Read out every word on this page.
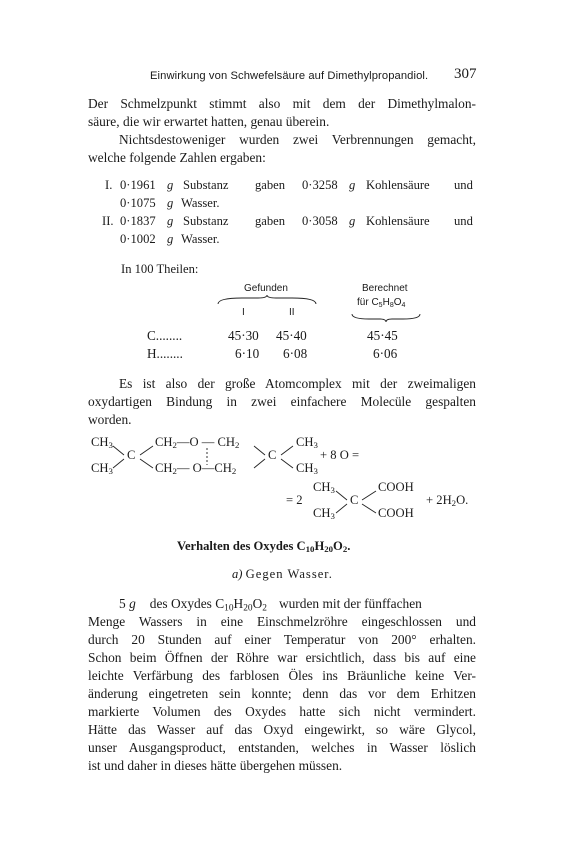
Einwirkung von Schwefelsäure auf Dimethylpropandiol. 307
Der Schmelzpunkt stimmt also mit dem der Dimethylmalon-
säure, die wir erwartet hatten, genau überein.
Nichtsdestoweniger wurden zwei Verbrennungen gemacht,
welche folgende Zahlen ergaben:
I. 0·1961 g Substanz gaben 0·3258 g Kohlensäure und
0·1075 g Wasser.
II. 0·1837 g Substanz gaben 0·3058 g Kohlensäure und
0·1002 g Wasser.
In 100 Theilen:
Gefunden
I	II
Berechnet
für $C_5H_8O_4$
C........	45·30 45·40	45·45
H........	6·10 6·08	6·06
Es ist also der große Atomcomplex mit der zweimaligen
oxydartigen Bindung in zwei einfachere Molecüle gespalten
worden.
$CH_3$
$CH_3$
C
$CH_2—O$ — $CH_2$
$CH_2—$ $O—CH_2$
C
$CH_3$
$CH_3$
+ 8 O =
= 2
$CH_3$
$CH_3$
C
COOH
COOH
+ $2H_2O$.
Verhalten des Oxydes $C_{10}H_{20}O_2$.
a) Gegen Wasser.
5 g des Oxydes $C_{10}H_{20}O_2$ wurden mit der fünffachen
Menge Wassers in eine Einschmelzröhre eingeschlossen und
durch 20 Stunden auf einer Temperatur von 200° erhalten.
Schon beim Öffnen der Röhre war ersichtlich, dass bis auf eine
leichte Verfärbung des farblosen Öles ins Bräunliche keine Ver-
änderung eingetreten sein konnte; denn das vor dem Erhitzen
markierte Volumen des Oxydes hatte sich nicht vermindert.
Hätte das Wasser auf das Oxyd eingewirkt, so wäre Glycol,
unser Ausgangsproduct, entstanden, welches in Wasser löslich
ist und daher in dieses hätte übergehen müssen.
